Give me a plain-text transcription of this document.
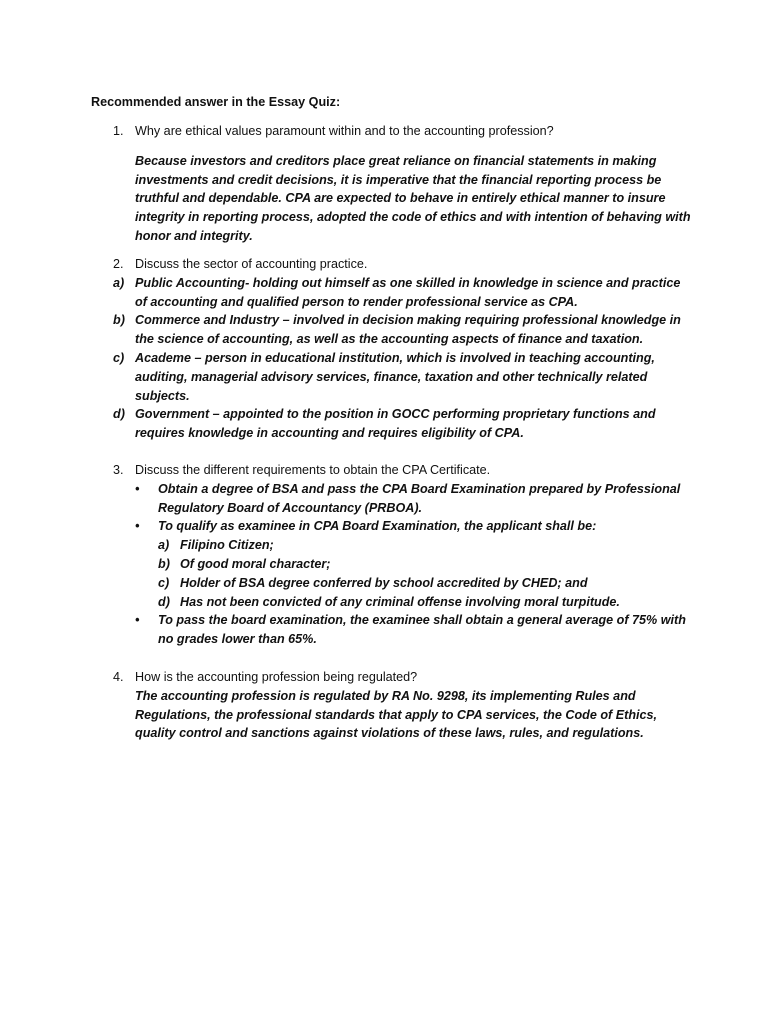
Recommended answer in the Essay Quiz:

1. Why are ethical values paramount within and to the accounting profession?
Because investors and creditors place great reliance on financial statements in making investments and credit decisions, it is imperative that the financial reporting process be truthful and dependable. CPA are expected to behave in entirely ethical manner to insure integrity in reporting process, adopted the code of ethics and with intention of behaving with honor and integrity.
2. Discuss the sector of accounting practice.
a) Public Accounting- holding out himself as one skilled in knowledge in science and practice of accounting and qualified person to render professional service as CPA.
b) Commerce and Industry – involved in decision making requiring professional knowledge in the science of accounting, as well as the accounting aspects of finance and taxation.
c) Academe – person in educational institution, which is involved in teaching accounting, auditing, managerial advisory services, finance, taxation and other technically related subjects.
d) Government – appointed to the position in GOCC performing proprietary functions and requires knowledge in accounting and requires eligibility of CPA.
3. Discuss the different requirements to obtain the CPA Certificate.
•	Obtain a degree of BSA and pass the CPA Board Examination prepared by Professional Regulatory Board of Accountancy (PRBOA).
•	To qualify as examinee in CPA Board Examination, the applicant shall be:
a) Filipino Citizen;
b) Of good moral character;
c) Holder of BSA degree conferred by school accredited by CHED; and
d) Has not been convicted of any criminal offense involving moral turpitude.
•	To pass the board examination, the examinee shall obtain a general average of 75% with no grades lower than 65%.
4. How is the accounting profession being regulated?
The accounting profession is regulated by RA No. 9298, its implementing Rules and Regulations, the professional standards that apply to CPA services, the Code of Ethics, quality control and sanctions against violations of these laws, rules, and regulations.
